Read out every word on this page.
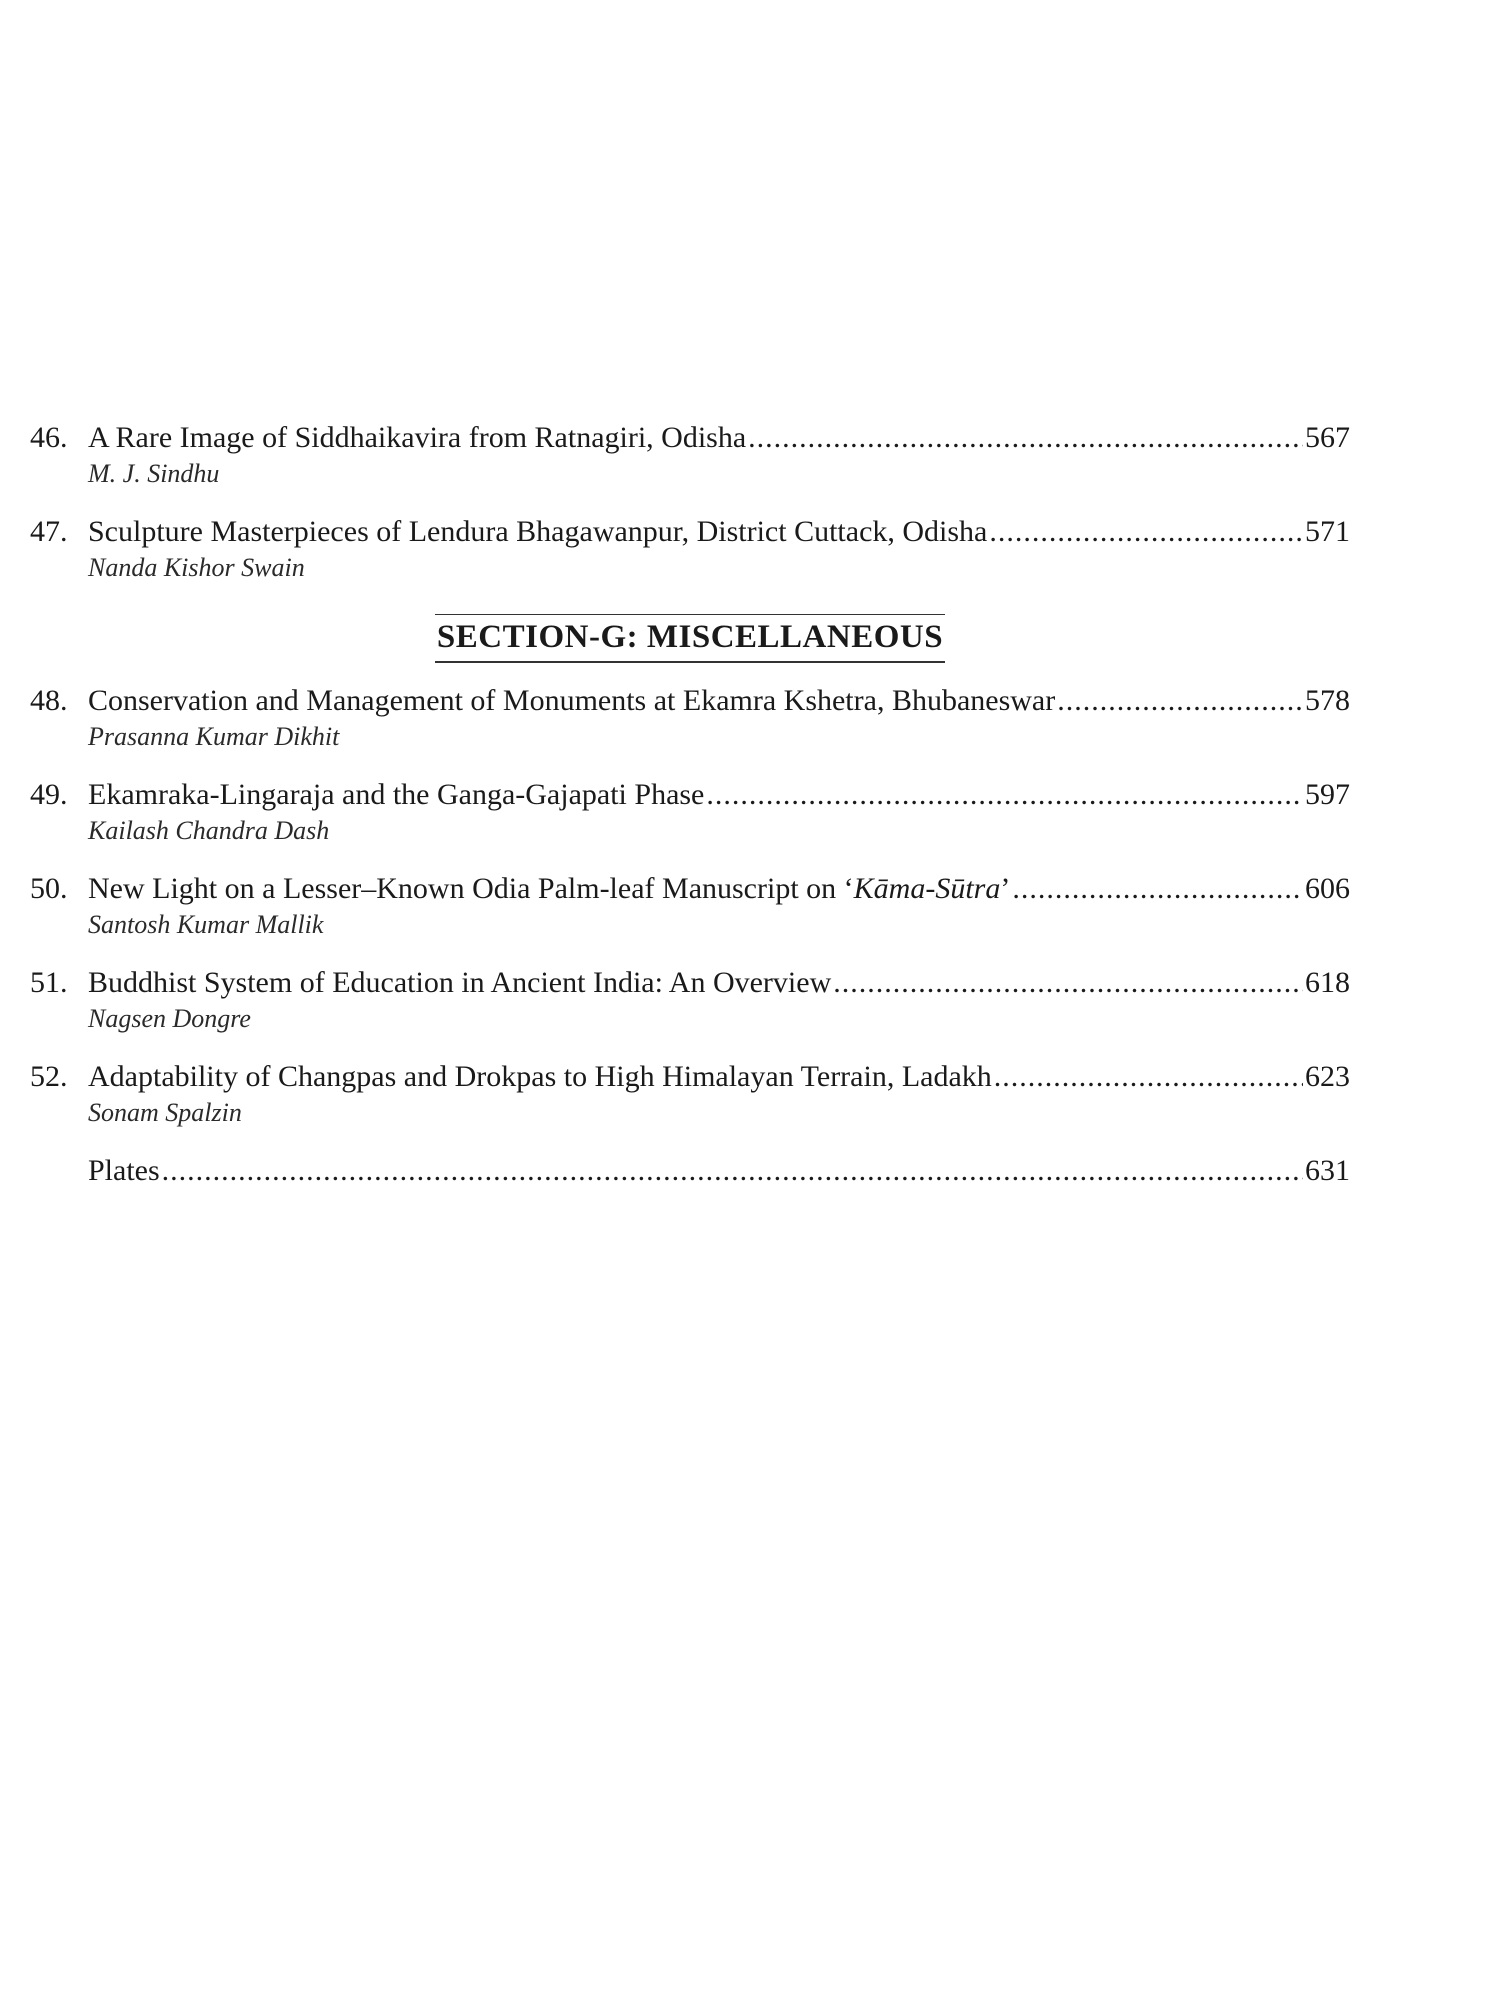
46. A Rare Image of Siddhaikavira from Ratnagiri, Odisha .....	567
M. J. Sindhu
47. Sculpture Masterpieces of Lendura Bhagawanpur, District Cuttack, Odisha .....	571
Nanda Kishor Swain
SECTION-G: MISCELLANEOUS
48. Conservation and Management of Monuments at Ekamra Kshetra, Bhubaneswar .....	578
Prasanna Kumar Dikhit
49. Ekamraka-Lingaraja and the Ganga-Gajapati Phase .....	597
Kailash Chandra Dash
50. New Light on a Lesser–Known Odia Palm-leaf Manuscript on ‘Kāma-Sūtra’ .....	606
Santosh Kumar Mallik
51. Buddhist System of Education in Ancient India: An Overview .....	618
Nagsen Dongre
52. Adaptability of Changpas and Drokpas to High Himalayan Terrain, Ladakh .....	623
Sonam Spalzin
Plates .....	631
